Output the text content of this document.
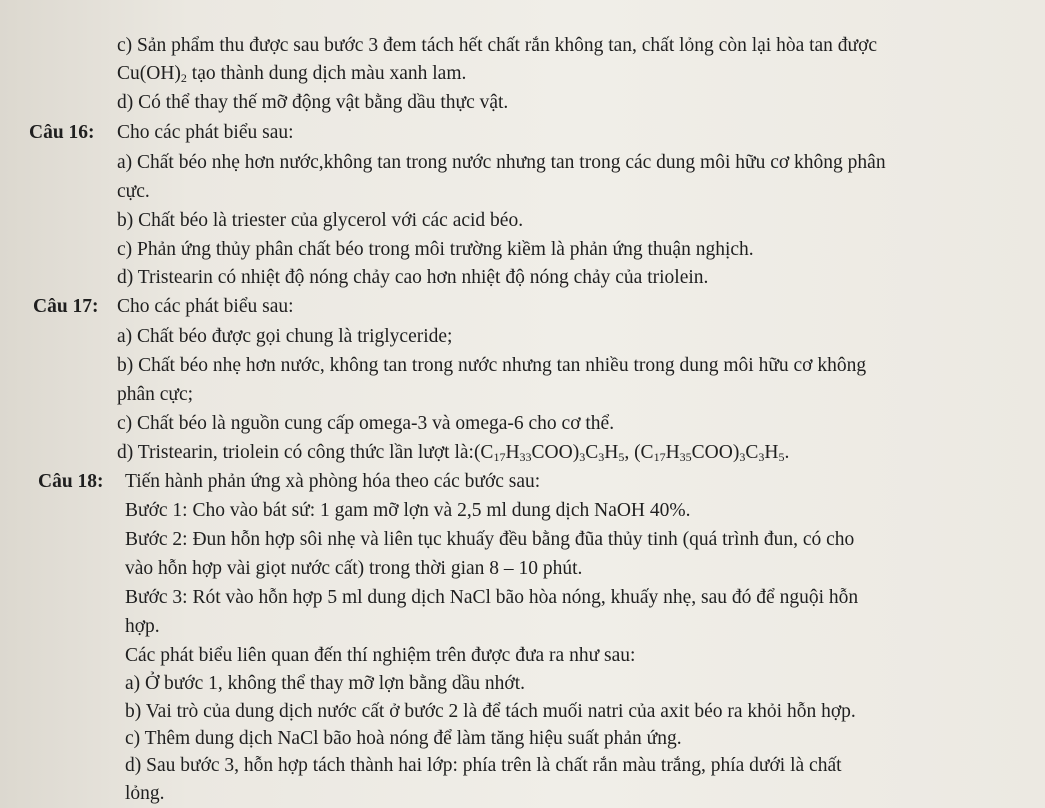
c) Sản phẩm thu được sau bước 3 đem tách hết chất rắn không tan, chất lỏng còn lại hòa tan được
$Cu(OH)_2$ tạo thành dung dịch màu xanh lam.
d) Có thể thay thế mỡ động vật bằng dầu thực vật.
Câu 16: Cho các phát biểu sau:
a) Chất béo nhẹ hơn nước,không tan trong nước nhưng tan trong các dung môi hữu cơ không phân
cực.
b) Chất béo là triester của glycerol với các acid béo.
c) Phản ứng thủy phân chất béo trong môi trường kiềm là phản ứng thuận nghịch.
d) Tristearin có nhiệt độ nóng chảy cao hơn nhiệt độ nóng chảy của triolein.
Câu 17: Cho các phát biểu sau:
a) Chất béo được gọi chung là triglyceride;
b) Chất béo nhẹ hơn nước, không tan trong nước nhưng tan nhiều trong dung môi hữu cơ không
phân cực;
c) Chất béo là nguồn cung cấp omega-3 và omega-6 cho cơ thể.
d) Tristearin, triolein có công thức lần lượt $là:(C_{17}H_{33}COO)_3C_3H_5$, $(C_{17}H_{35}COO)_3C_3H_5$.
Câu 18: Tiến hành phản ứng xà phòng hóa theo các bước sau:
Bước 1: Cho vào bát sứ: 1 gam mỡ lợn và 2,5 ml dung dịch NaOH 40%.
Bước 2: Đun hỗn hợp sôi nhẹ và liên tục khuấy đều bằng đũa thủy tinh (quá trình đun, có cho
vào hỗn hợp vài giọt nước cất) trong thời gian 8 – 10 phút.
Bước 3: Rót vào hỗn hợp 5 ml dung dịch NaCl bão hòa nóng, khuấy nhẹ, sau đó để nguội hỗn
hợp.
Các phát biểu liên quan đến thí nghiệm trên được đưa ra như sau:
a) Ở bước 1, không thể thay mỡ lợn bằng dầu nhớt.
b) Vai trò của dung dịch nước cất ở bước 2 là để tách muối natri của axit béo ra khỏi hỗn hợp.
c) Thêm dung dịch NaCl bão hoà nóng để làm tăng hiệu suất phản ứng.
d) Sau bước 3, hỗn hợp tách thành hai lớp: phía trên là chất rắn màu trắng, phía dưới là chất
lỏng.
